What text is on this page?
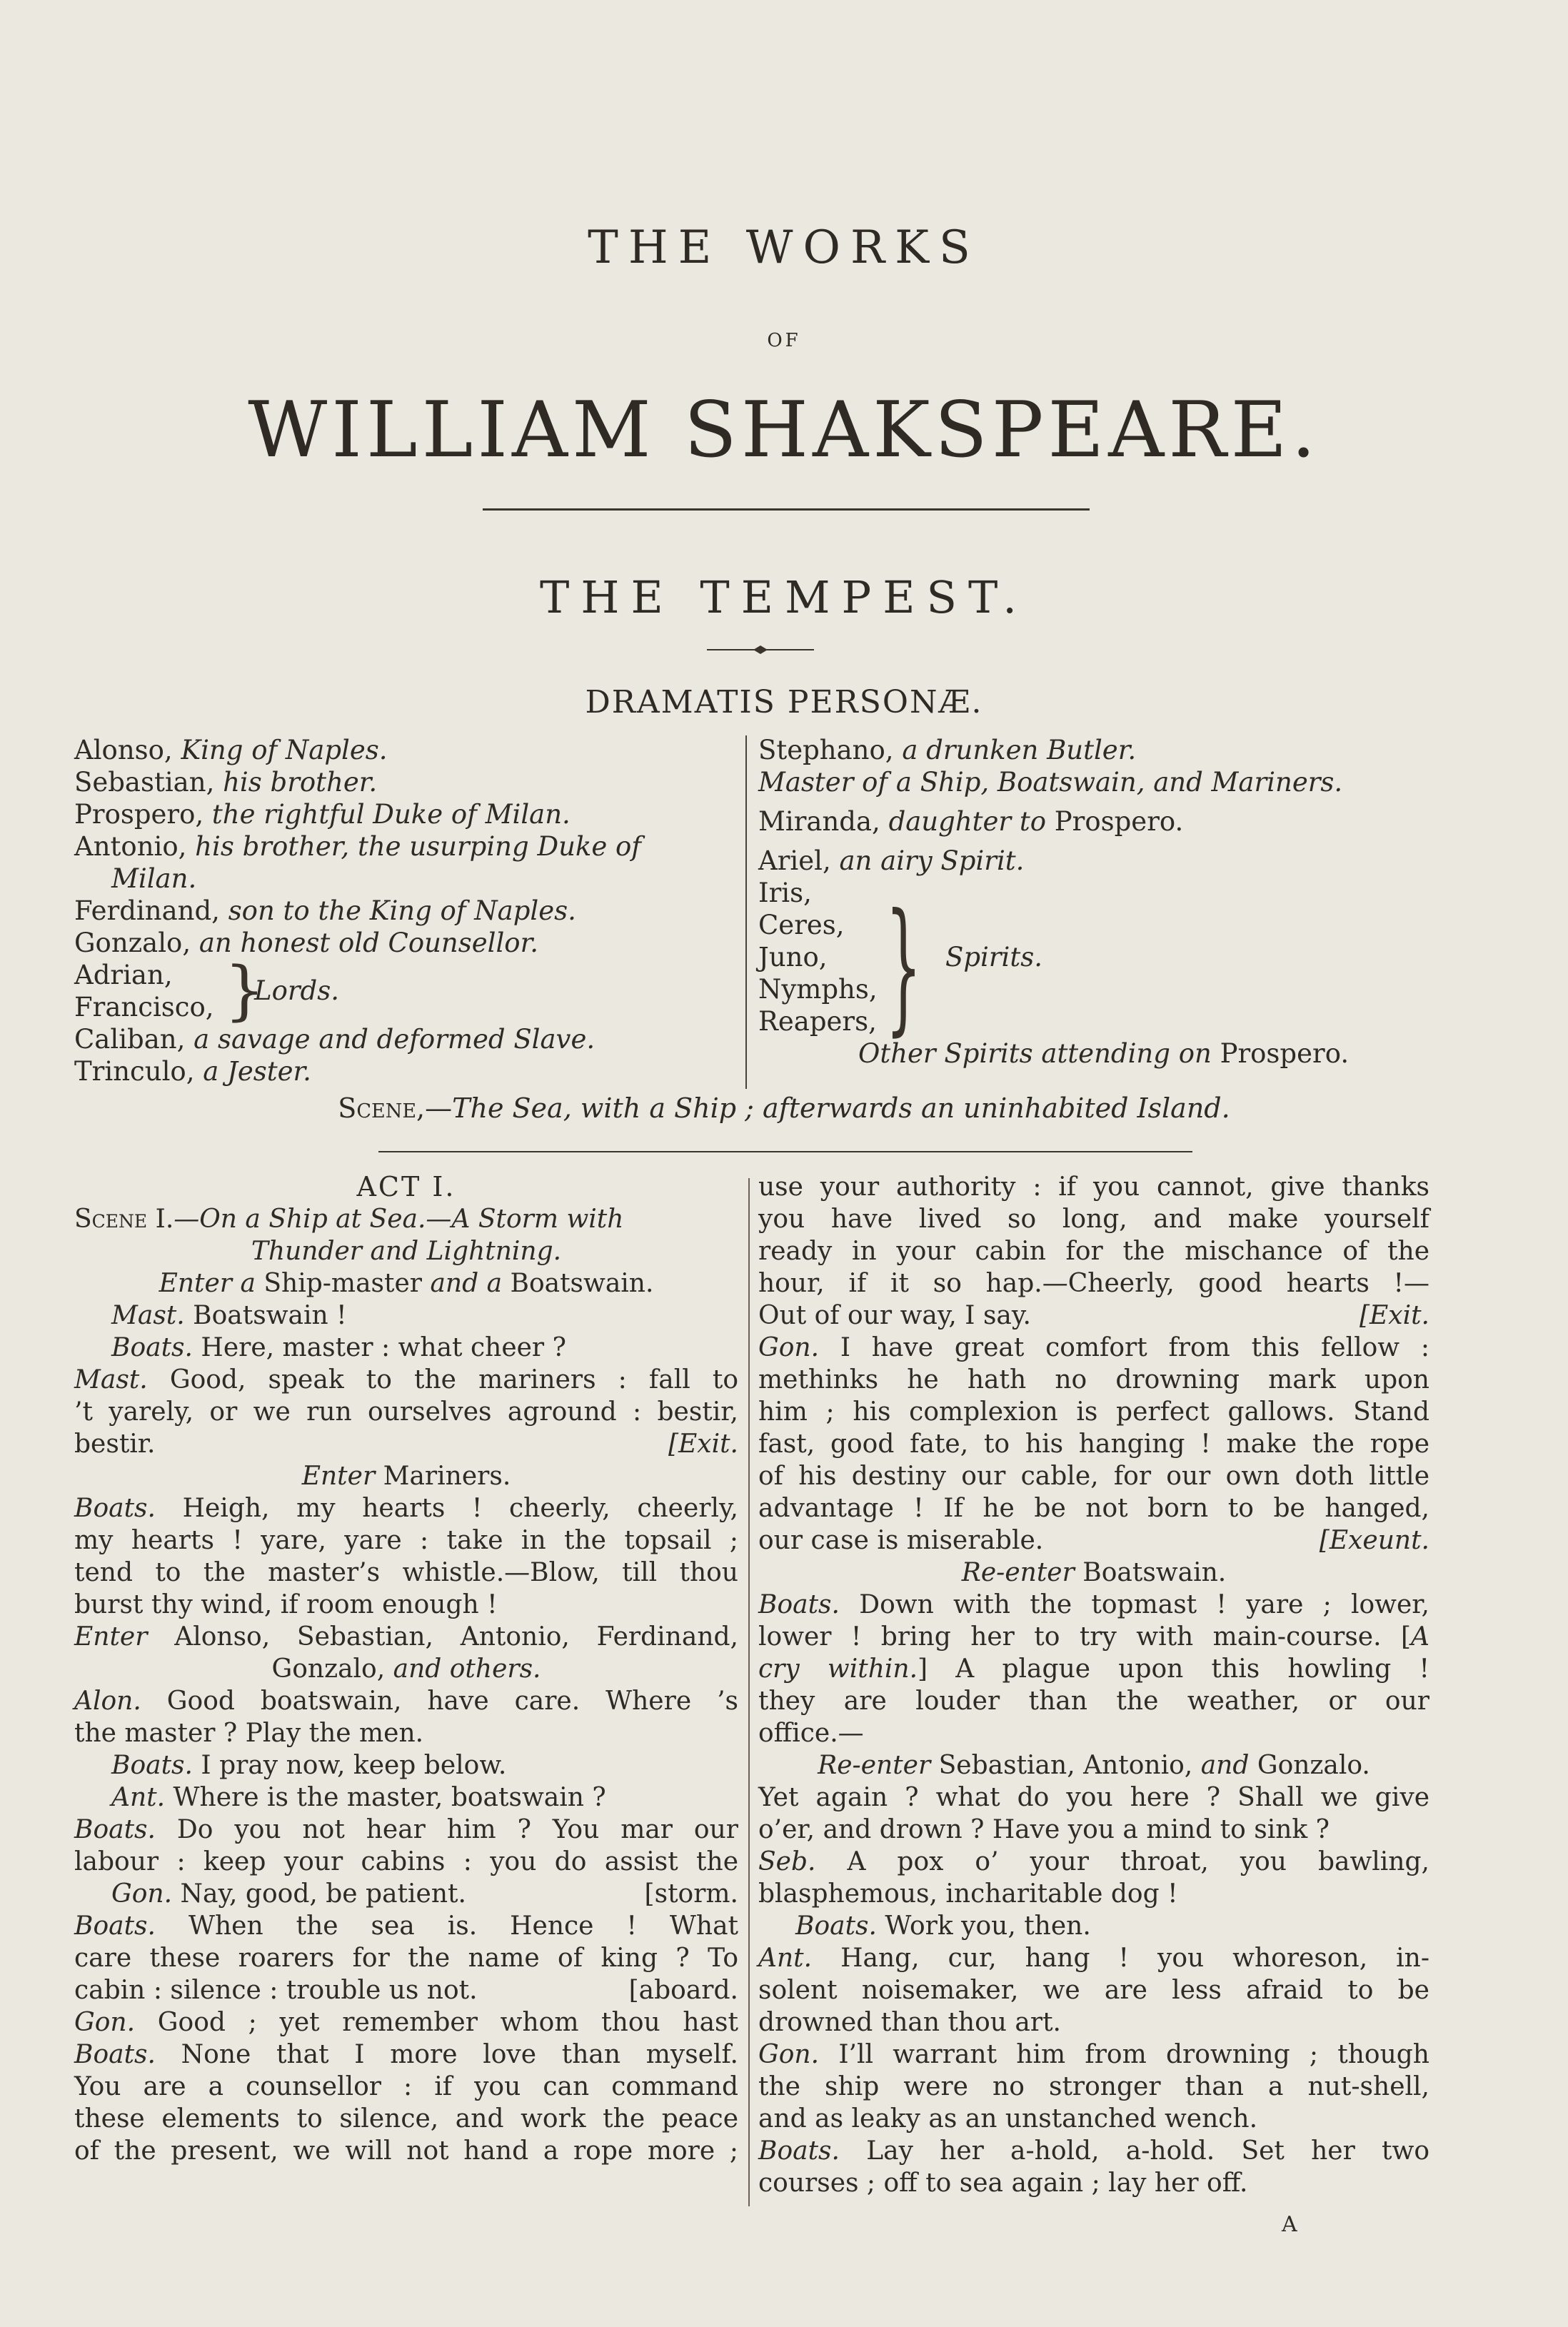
THE WORKS
OF
WILLIAM SHAKSPEARE.
THE TEMPEST.
DRAMATIS PERSONÆ.
Alonso, King of Naples.
Sebastian, his brother.
Prospero, the rightful Duke of Milan.
Antonio, his brother, the usurping Duke of
Milan.
Ferdinand, son to the King of Naples.
Gonzalo, an honest old Counsellor.
Adrian,
Francisco, }
Lords.
Caliban, a savage and deformed Slave.
Trinculo, a Jester.
Stephano, a drunken Butler.
Master of a Ship, Boatswain, and Mariners.
Miranda, daughter to Prospero.
Ariel, an airy Spirit.
Iris,
Ceres,
Juno,
Nymphs,
Reapers, } Spirits.
Other Spirits attending on Prospero.
Scene,—The Sea, with a Ship ; afterwards an uninhabited Island.
ACT I.
Scene I.—On a Ship at Sea.—A Storm with
Thunder and Lightning.
Enter a Ship-master and a Boatswain.
Mast. Boatswain !
Boats. Here, master : what cheer ?
Mast. Good, speak to the mariners : fall to
’t yarely, or we run ourselves aground : bestir,
[Exit.
bestir.
Enter Mariners.
Boats. Heigh, my hearts ! cheerly, cheerly,
my hearts ! yare, yare : take in the topsail ;
tend to the master’s whistle.—Blow, till thou
burst thy wind, if room enough !
Enter Alonso, Sebastian, Antonio, Ferdinand,
Gonzalo, and others.
Alon. Good boatswain, have care. Where ’s
the master ? Play the men.
Boats. I pray now, keep below.
Ant. Where is the master, boatswain ?
Boats. Do you not hear him ? You mar our
labour : keep your cabins : you do assist the
[storm.
Gon. Nay, good, be patient.
Boats. When the sea is. Hence ! What
care these roarers for the name of king ? To
[aboard.
cabin : silence : trouble us not.
Gon. Good ; yet remember whom thou hast
Boats. None that I more love than myself.
You are a counsellor : if you can command
these elements to silence, and work the peace
of the present, we will not hand a rope more ;
use your authority : if you cannot, give thanks
you have lived so long, and make yourself
ready in your cabin for the mischance of the
hour, if it so hap.—Cheerly, good hearts !—
[Exit.
Out of our way, I say.
Gon. I have great comfort from this fellow :
methinks he hath no drowning mark upon
him ; his complexion is perfect gallows. Stand
fast, good fate, to his hanging ! make the rope
of his destiny our cable, for our own doth little
advantage ! If he be not born to be hanged,
[Exeunt.
our case is miserable.
Re-enter Boatswain.
Boats. Down with the topmast ! yare ; lower,
lower ! bring her to try with main-course. [A
cry within.] A plague upon this howling !
they are louder than the weather, or our
office.—
Re-enter Sebastian, Antonio, and Gonzalo.
Yet again ? what do you here ? Shall we give
o’er, and drown ? Have you a mind to sink ?
Seb. A pox o’ your throat, you bawling,
blasphemous, incharitable dog !
Boats. Work you, then.
Ant. Hang, cur, hang ! you whoreson, in-
solent noisemaker, we are less afraid to be
drowned than thou art.
Gon. I’ll warrant him from drowning ; though
the ship were no stronger than a nut-shell,
and as leaky as an unstanched wench.
Boats. Lay her a-hold, a-hold. Set her two
courses ; off to sea again ; lay her off.
A
